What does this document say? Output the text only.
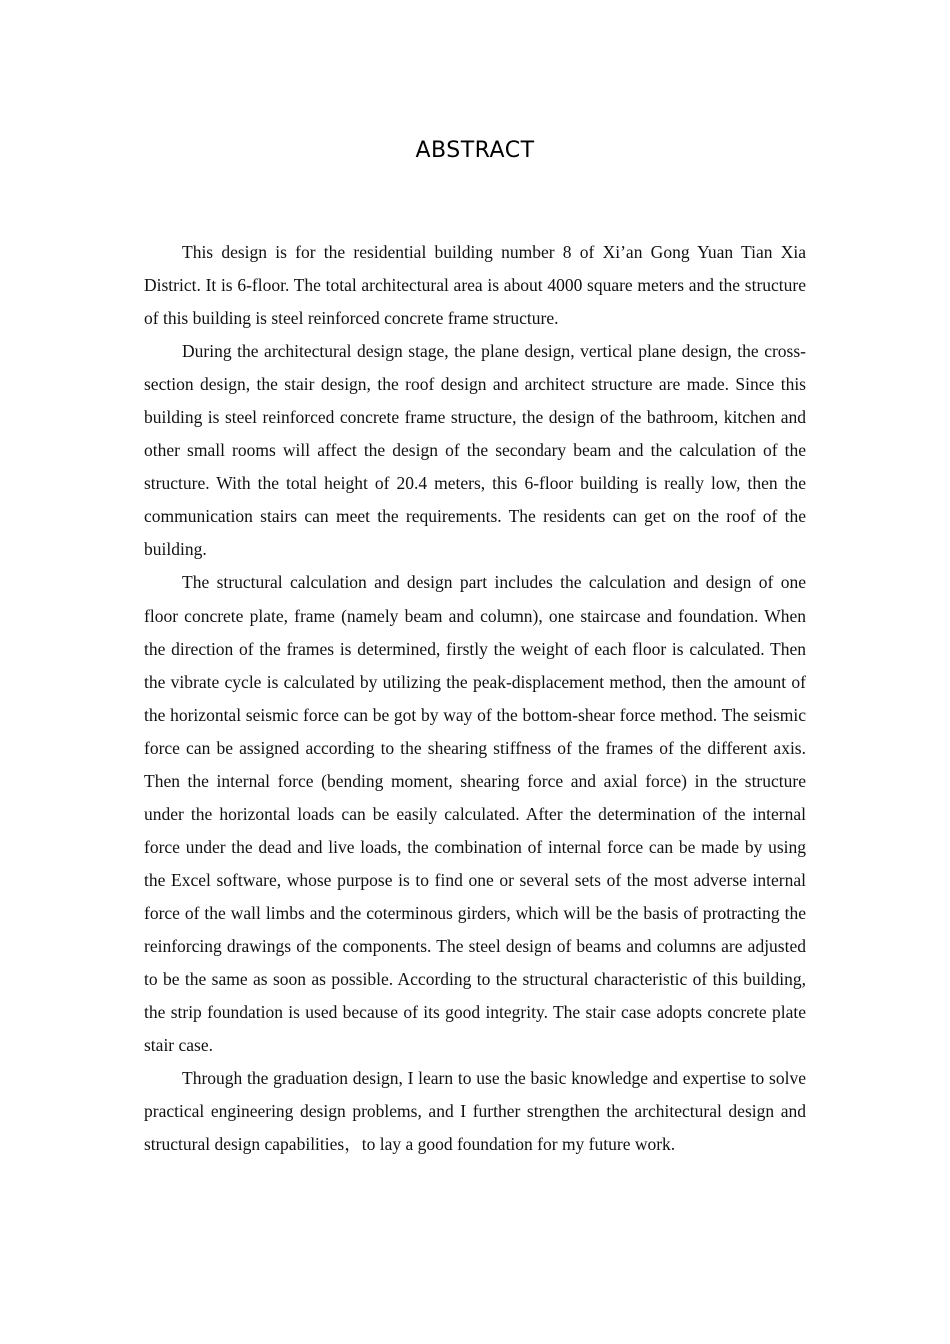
ABSTRACT

This design is for the residential building number 8 of Xi’an Gong Yuan Tian Xia District. It is 6-floor. The total architectural area is about 4000 square meters and the structure of this building is steel reinforced concrete frame structure.

During the architectural design stage, the plane design, vertical plane design, the cross-section design, the stair design, the roof design and architect structure are made. Since this building is steel reinforced concrete frame structure, the design of the bathroom, kitchen and other small rooms will affect the design of the secondary beam and the calculation of the structure. With the total height of 20.4 meters, this 6-floor building is really low, then the communication stairs can meet the requirements. The residents can get on the roof of the building.

The structural calculation and design part includes the calculation and design of one floor concrete plate, frame (namely beam and column), one staircase and foundation. When the direction of the frames is determined, firstly the weight of each floor is calculated. Then the vibrate cycle is calculated by utilizing the peak-displacement method, then the amount of the horizontal seismic force can be got by way of the bottom-shear force method. The seismic force can be assigned according to the shearing stiffness of the frames of the different axis. Then the internal force (bending moment, shearing force and axial force) in the structure under the horizontal loads can be easily calculated. After the determination of the internal force under the dead and live loads, the combination of internal force can be made by using the Excel software, whose purpose is to find one or several sets of the most adverse internal force of the wall limbs and the coterminous girders, which will be the basis of protracting the reinforcing drawings of the components. The steel design of beams and columns are adjusted to be the same as soon as possible. According to the structural characteristic of this building, the strip foundation is used because of its good integrity. The stair case adopts concrete plate stair case.

Through the graduation design, I learn to use the basic knowledge and expertise to solve practical engineering design problems, and I further strengthen the architectural design and structural design capabilities，to lay a good foundation for my future work.
